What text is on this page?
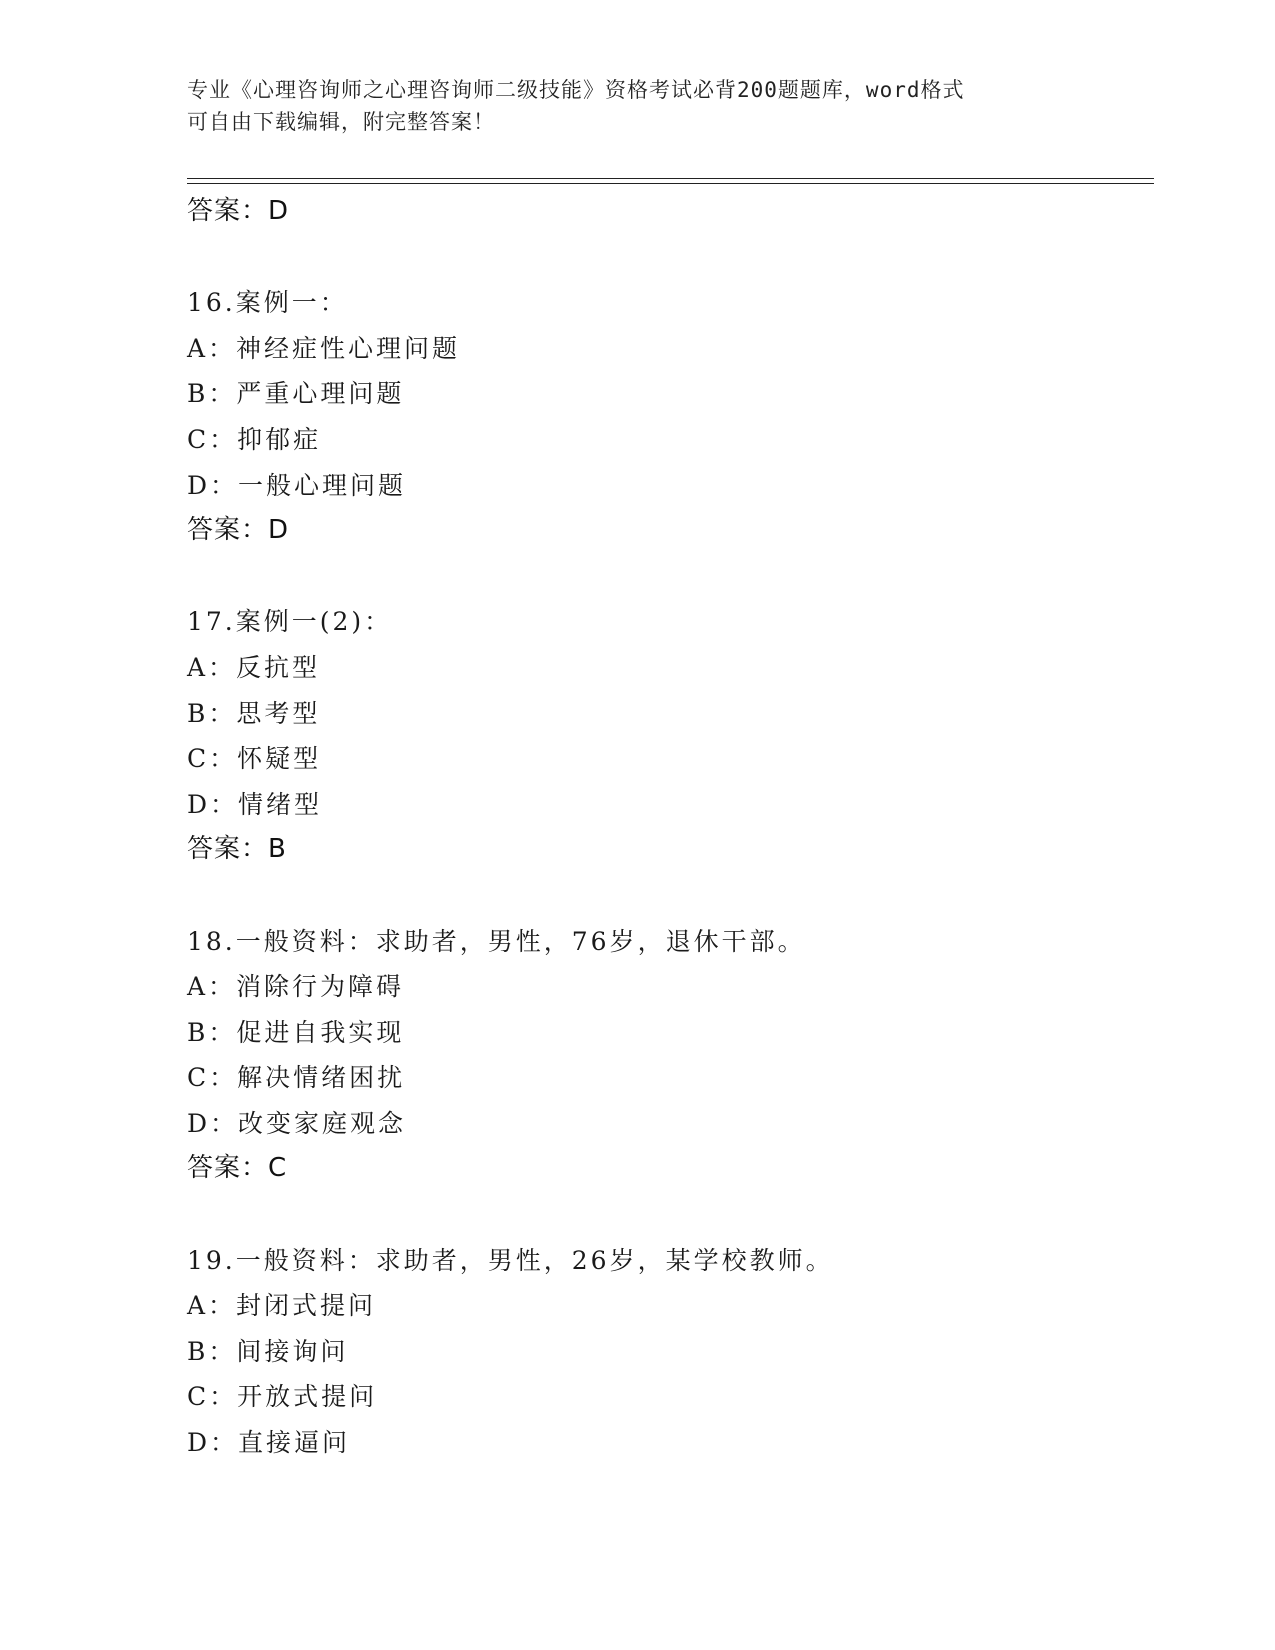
专业《心理咨询师之心理咨询师二级技能》资格考试必背200题题库，word格式

可自由下载编辑，附完整答案！

答案：D
16.案例一：
A：神经症性心理问题
B：严重心理问题
C：抑郁症
D：一般心理问题
答案：D
17.案例一(2)：
A：反抗型
B：思考型
C：怀疑型
D：情绪型
答案：B
18.一般资料：求助者，男性，76岁，退休干部。
A：消除行为障碍
B：促进自我实现
C：解决情绪困扰
D：改变家庭观念
答案：C
19.一般资料：求助者，男性，26岁，某学校教师。
A：封闭式提问
B：间接询问
C：开放式提问
D：直接逼问
